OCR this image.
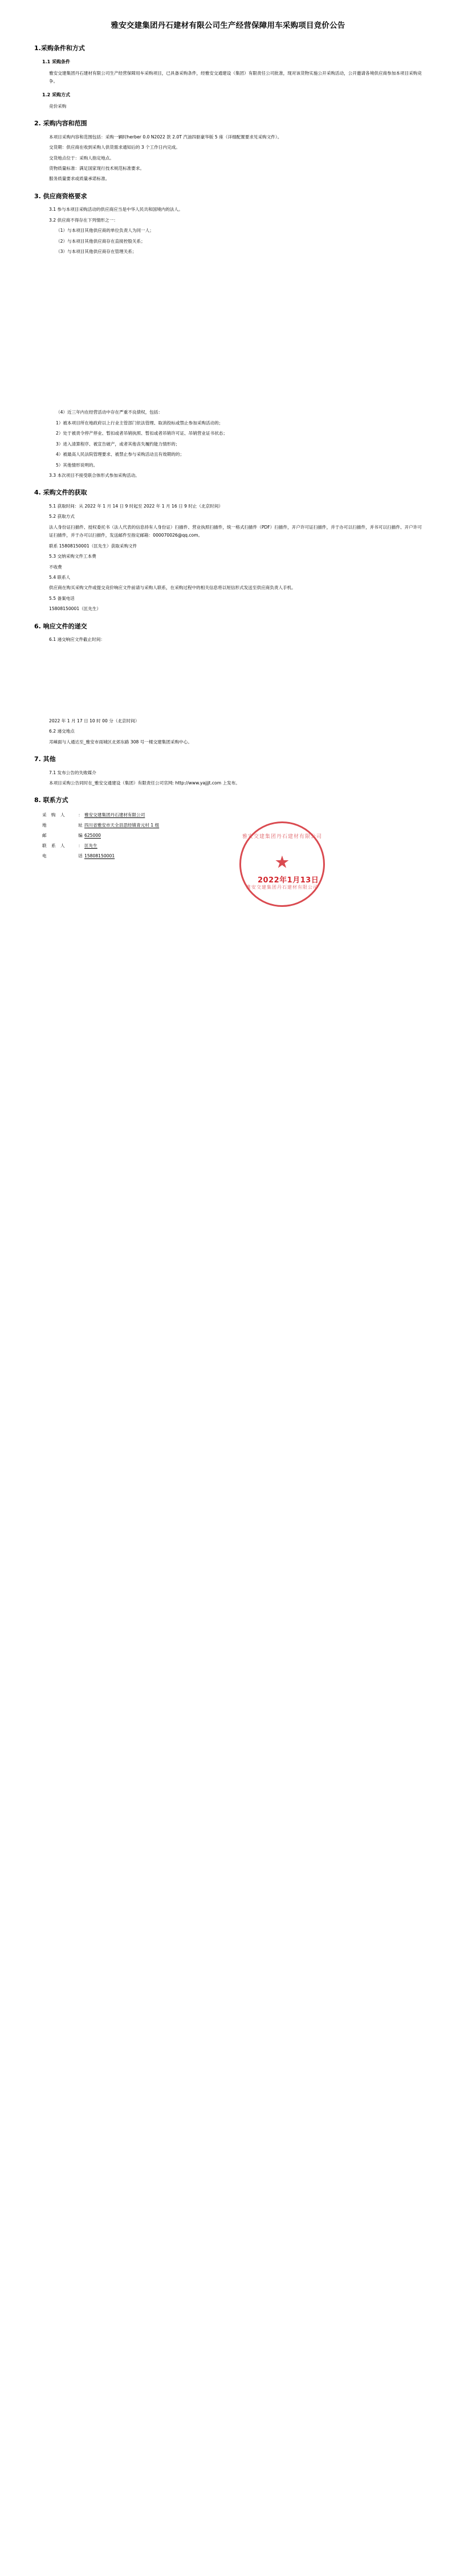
雅安交建集团丹石建材有限公司生产经营保障用车采购项目竞价公告
1.采购条件和方式
1.1 采购条件

雅安交建集团丹石建材有限公司生产经营保障用车采购项目，已具备采购条件，经雅安交通建设（集团）有限责任公司批准，现对该货物实施公开采购活动，公开邀请各境供应商参加本项目采购竞争。

1.2 采购方式

竞价采购

2. 采购内容和范围

本项目采购内容和范围包括：采购一辆时herber 0.0 N2022 款 2.0T 汽油四驱豪华版 5 座（详细配置要求见采购文件）。

交货期：供应商在收到采购人供货需求通知后的 3 个工作日内完成。

交货地点位于：采购人指定地点。

货物质量标准：满足国家现行技术规范标准要求。

服务质量要求或质量承诺标准。

3. 供应商资格要求

3.1 参与本项目采购活动的供应商应当是中华人民共和国境内的法人。

3.2 供应商不得存在下列情形之一：

（1）与本项目其他供应商的单位负责人为同一人；

（2）与本项目其他供应商存在直接控股关系；

（3）与本项目其他供应商存在管理关系；

（4）近三年内在经营活动中存在严重不良债权，包括：

1）被本项目所在地政府以上行业主管部门依法管理、取消投标或禁止参加采购活动的；

2）处于被责令停产停业、暂扣或者吊销执照、暂扣或者吊销许可证、吊销营业证书状态；

3）进入清算程序、被宣告破产，或者其他丧失履约能力情形的；

4）被最高人民法院管理要求、被禁止参与采购活动且有效期的的；

5）其他情形说明的。

3.3 本次项目不接受联合体形式参加采购活动。

4. 采购文件的获取

5.1 获取时间：从 2022 年 1 月 14 日 9 时起至 2022 年 1 月 16 日 9 时止（北京时间）

5.2 获取方式

法人身份证扫描件、授权委托书（法人代表的信息持有人身份证）扫描件、营业执照扫描件，统一格式扫描件（PDF）扫描件，开户许可证扫描件，并于办可以扫描件，并书可以扫描件、开户许可证扫描件，并于办可以扫描件，发送邮件至指定邮箱：000070026@qq.com。

联系 15808150001（匡先生）获取采购文件

5.3 交纳采购文件工本费

不收费

5.4 联系人

供应商在购买采购文件或提交竞价响应文件前请与采购人联系，在采购过程中的相关信息将以短信形式发送至供应商负责人手机。

5.5 备案电话

15808150001（匡先生）

6. 响应文件的递交

6.1 递交响应文件截止时间：

2022 年 1 月 17 日 10 时 00 分（北京时间）

6.2 递交地点

邛崃面与人通达至_雅安市雨城区北郊东路 308 号一楼交建集团采购中心。

7. 其他

7.1 发布公告的失败媒介

本项目采购公告同时在_雅安交通建设（集团）有限责任公司官网: http://www.yajjjt.com 上发布。

8. 联系方式
采 购 人	：	雅安交建集团丹石建材有限公司
地	址	四川省雅安市天全县思经镇青元村 1 组
邮	编	625000
联 系 人	：	匡先生
电	话	15808150001
雅安交建集团丹石建材有限公司
★
雅安交建集团丹石建材有限公司
2022年1月13日
